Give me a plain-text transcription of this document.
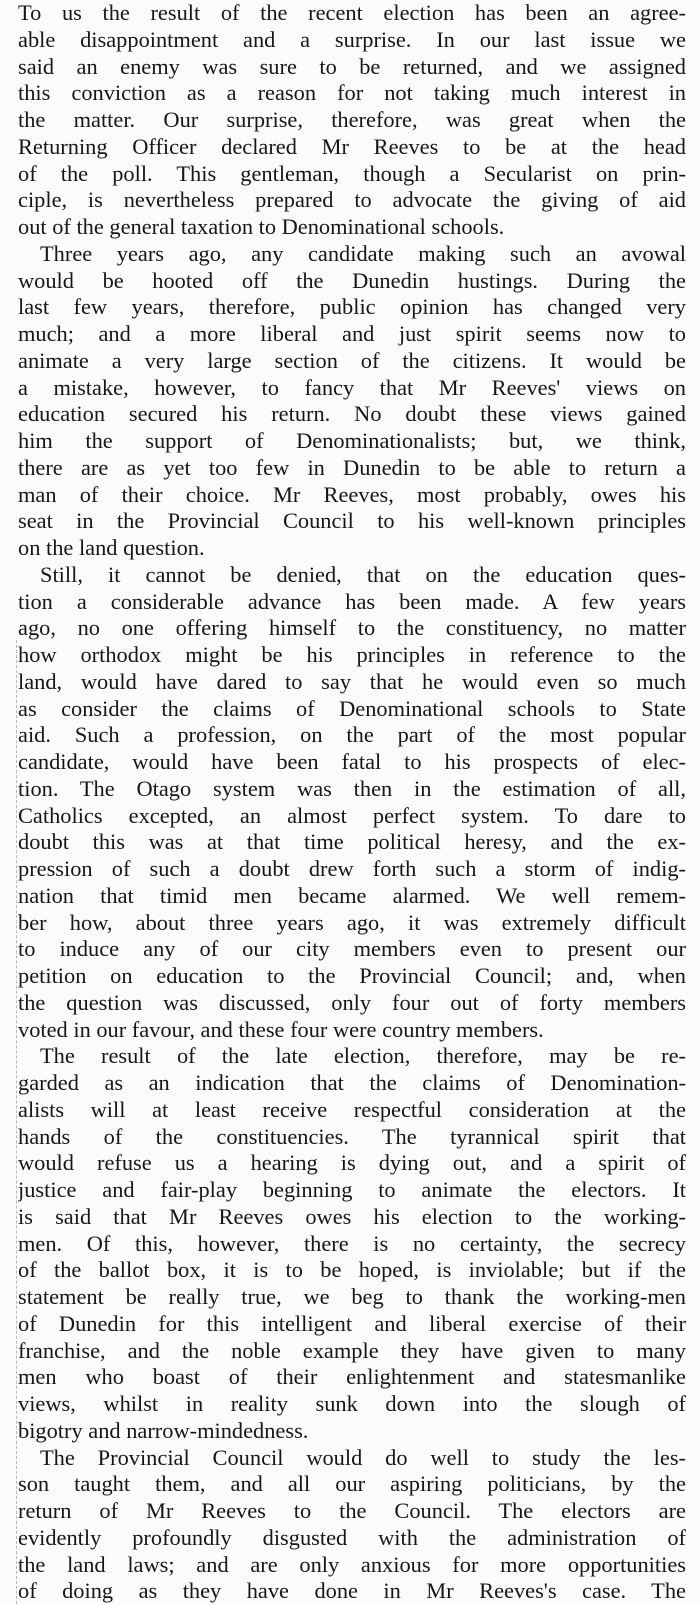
To us the result of the recent election has been an agree-
able disappointment and a surprise. In our last issue we
said an enemy was sure to be returned, and we assigned
this conviction as a reason for not taking much interest in
the matter. Our surprise, therefore, was great when the
Returning Officer declared Mr Reeves to be at the head
of the poll. This gentleman, though a Secularist on prin-
ciple, is nevertheless prepared to advocate the giving of aid
out of the general taxation to Denominational schools.
Three years ago, any candidate making such an avowal
would be hooted off the Dunedin hustings. During the
last few years, therefore, public opinion has changed very
much; and a more liberal and just spirit seems now to
animate a very large section of the citizens. It would be
a mistake, however, to fancy that Mr Reeves' views on
education secured his return. No doubt these views gained
him the support of Denominationalists; but, we think,
there are as yet too few in Dunedin to be able to return a
man of their choice. Mr Reeves, most probably, owes his
seat in the Provincial Council to his well-known principles
on the land question.
Still, it cannot be denied, that on the education ques-
tion a considerable advance has been made. A few years
ago, no one offering himself to the constituency, no matter
how orthodox might be his principles in reference to the
land, would have dared to say that he would even so much
as consider the claims of Denominational schools to State
aid. Such a profession, on the part of the most popular
candidate, would have been fatal to his prospects of elec-
tion. The Otago system was then in the estimation of all,
Catholics excepted, an almost perfect system. To dare to
doubt this was at that time political heresy, and the ex-
pression of such a doubt drew forth such a storm of indig-
nation that timid men became alarmed. We well remem-
ber how, about three years ago, it was extremely difficult
to induce any of our city members even to present our
petition on education to the Provincial Council; and, when
the question was discussed, only four out of forty members
voted in our favour, and these four were country members.
The result of the late election, therefore, may be re-
garded as an indication that the claims of Denomination-
alists will at least receive respectful consideration at the
hands of the constituencies. The tyrannical spirit that
would refuse us a hearing is dying out, and a spirit of
justice and fair-play beginning to animate the electors. It
is said that Mr Reeves owes his election to the working-
men. Of this, however, there is no certainty, the secrecy
of the ballot box, it is to be hoped, is inviolable; but if the
statement be really true, we beg to thank the working-men
of Dunedin for this intelligent and liberal exercise of their
franchise, and the noble example they have given to many
men who boast of their enlightenment and statesmanlike
views, whilst in reality sunk down into the slough of
bigotry and narrow-mindedness.
The Provincial Council would do well to study the les-
son taught them, and all our aspiring politicians, by the
return of Mr Reeves to the Council. The electors are
evidently profoundly disgusted with the administration of
the land laws; and are only anxious for more opportunities
of doing as they have done in Mr Reeves's case. The
